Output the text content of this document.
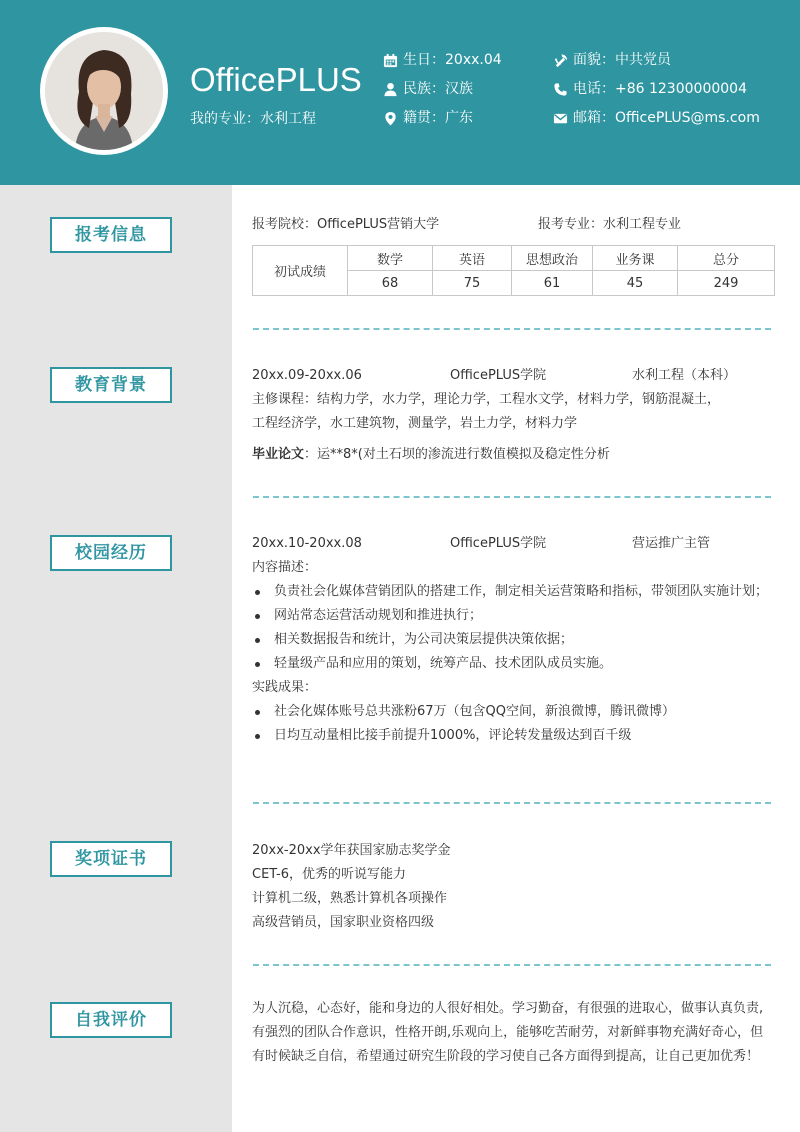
OfficePLUS
我的专业：水利工程
生日：20xx.04
民族：汉族
籍贯：广东
面貌：中共党员
电话：+86 12300000004
邮箱：OfficePLUS@ms.com
报考信息
教育背景
校园经历
奖项证书
自我评价
报考院校：OfficePLUS营销大学	报考专业：水利工程专业
初试成绩	数学	英语	思想政治	业务课	总分
	68	75	61	45	249
20xx.09-20xx.06	OfficePLUS学院	水利工程（本科）
主修课程：结构力学，水力学，理论力学，工程水文学，材料力学，钢筋混凝土，
工程经济学，水工建筑物，测量学，岩土力学，材料力学
毕业论文：运**8*(对土石坝的渗流进行数值模拟及稳定性分析
20xx.10-20xx.08	OfficePLUS学院	营运推广主管
内容描述：
负责社会化媒体营销团队的搭建工作，制定相关运营策略和指标，带领团队实施计划；
网站常态运营活动规划和推进执行；
相关数据报告和统计，为公司决策层提供决策依据；
轻量级产品和应用的策划，统筹产品、技术团队成员实施。
实践成果：
社会化媒体账号总共涨粉67万（包含QQ空间，新浪微博，腾讯微博）
日均互动量相比接手前提升1000%，评论转发量级达到百千级
20xx-20xx学年获国家励志奖学金
CET-6，优秀的听说写能力
计算机二级，熟悉计算机各项操作
高级营销员，国家职业资格四级
为人沉稳，心态好，能和身边的人很好相处。学习勤奋，有很强的进取心，做事认真负责,有强烈的团队合作意识，性格开朗,乐观向上，能够吃苦耐劳，对新鲜事物充满好奇心，但有时候缺乏自信，希望通过研究生阶段的学习使自己各方面得到提高，让自己更加优秀！
